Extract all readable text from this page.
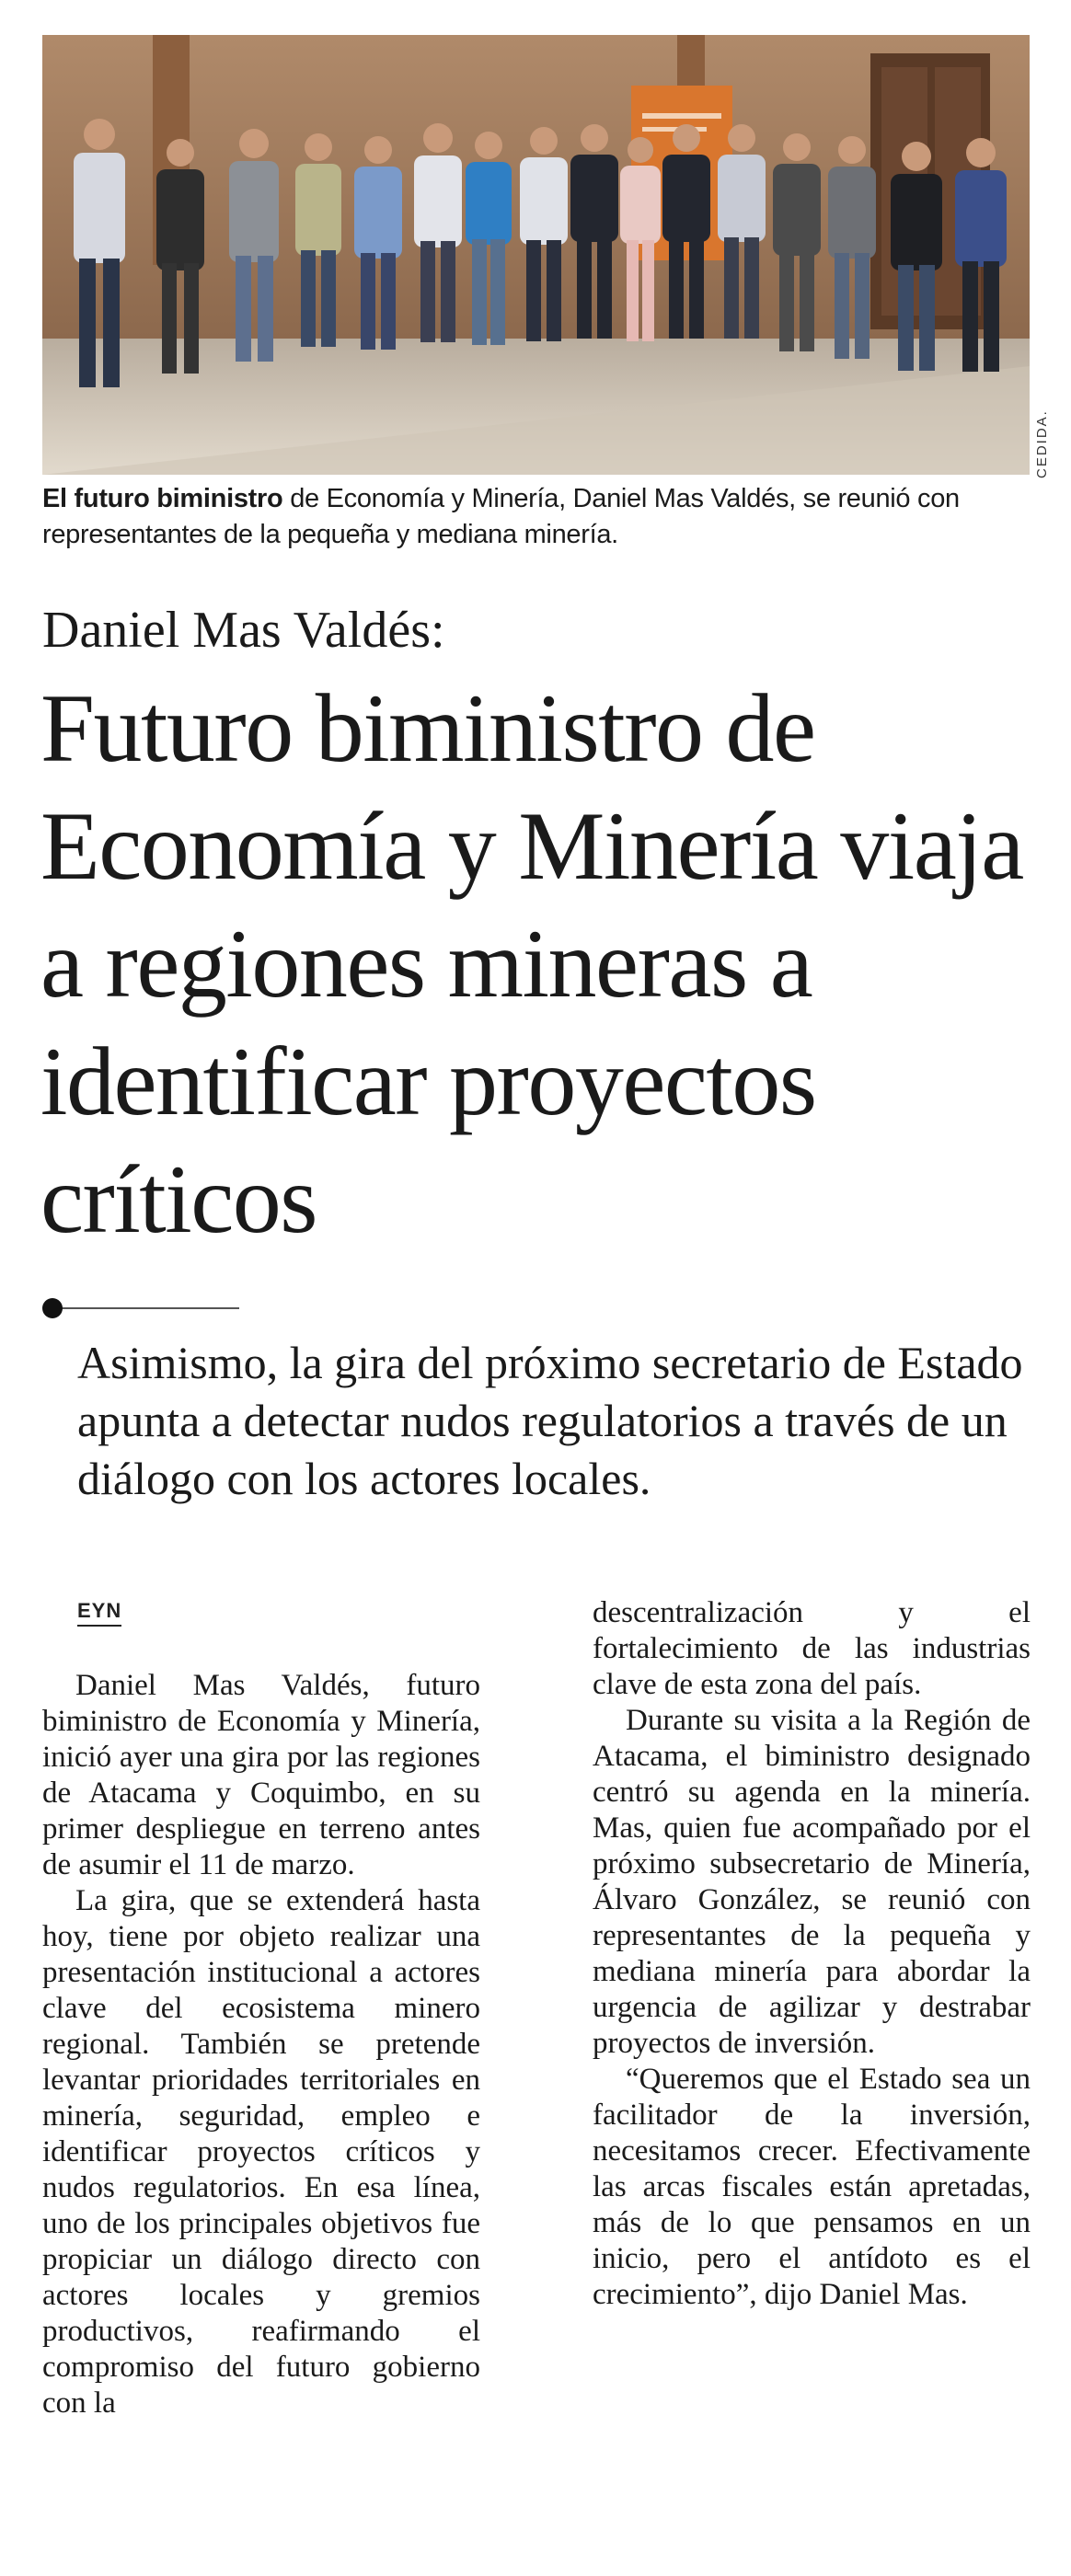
CEDIDA.
El futuro biministro de Economía y Minería, Daniel Mas Valdés, se reunió con representantes de la pequeña y mediana minería.
Daniel Mas Valdés:
Futuro biministro de Economía y Minería viaja a regiones mineras a identificar proyectos críticos
Asimismo, la gira del próximo secretario de Estado apunta a detectar nudos regulatorios a través de un diálogo con los actores locales.
EYN

Daniel Mas Valdés, futuro biministro de Economía y Minería, inició ayer una gira por las regiones de Atacama y Coquimbo, en su primer despliegue en terreno antes de asumir el 11 de marzo.

La gira, que se extenderá hasta hoy, tiene por objeto realizar una presentación institucional a actores clave del ecosistema minero regional. También se pretende levantar prioridades territoriales en minería, seguridad, empleo e identificar proyectos críticos y nudos regulatorios. En esa línea, uno de los principales objetivos fue propiciar un diálogo directo con actores locales y gremios productivos, reafirmando el compromiso del futuro gobierno con la

descentralización y el fortalecimiento de las industrias clave de esta zona del país.

Durante su visita a la Región de Atacama, el biministro designado centró su agenda en la minería. Mas, quien fue acompañado por el próximo subsecretario de Minería, Álvaro González, se reunió con representantes de la pequeña y mediana minería para abordar la urgencia de agilizar y destrabar proyectos de inversión.

“Queremos que el Estado sea un facilitador de la inversión, necesitamos crecer. Efectivamente las arcas fiscales están apretadas, más de lo que pensamos en un inicio, pero el antídoto es el crecimiento”, dijo Daniel Mas.
